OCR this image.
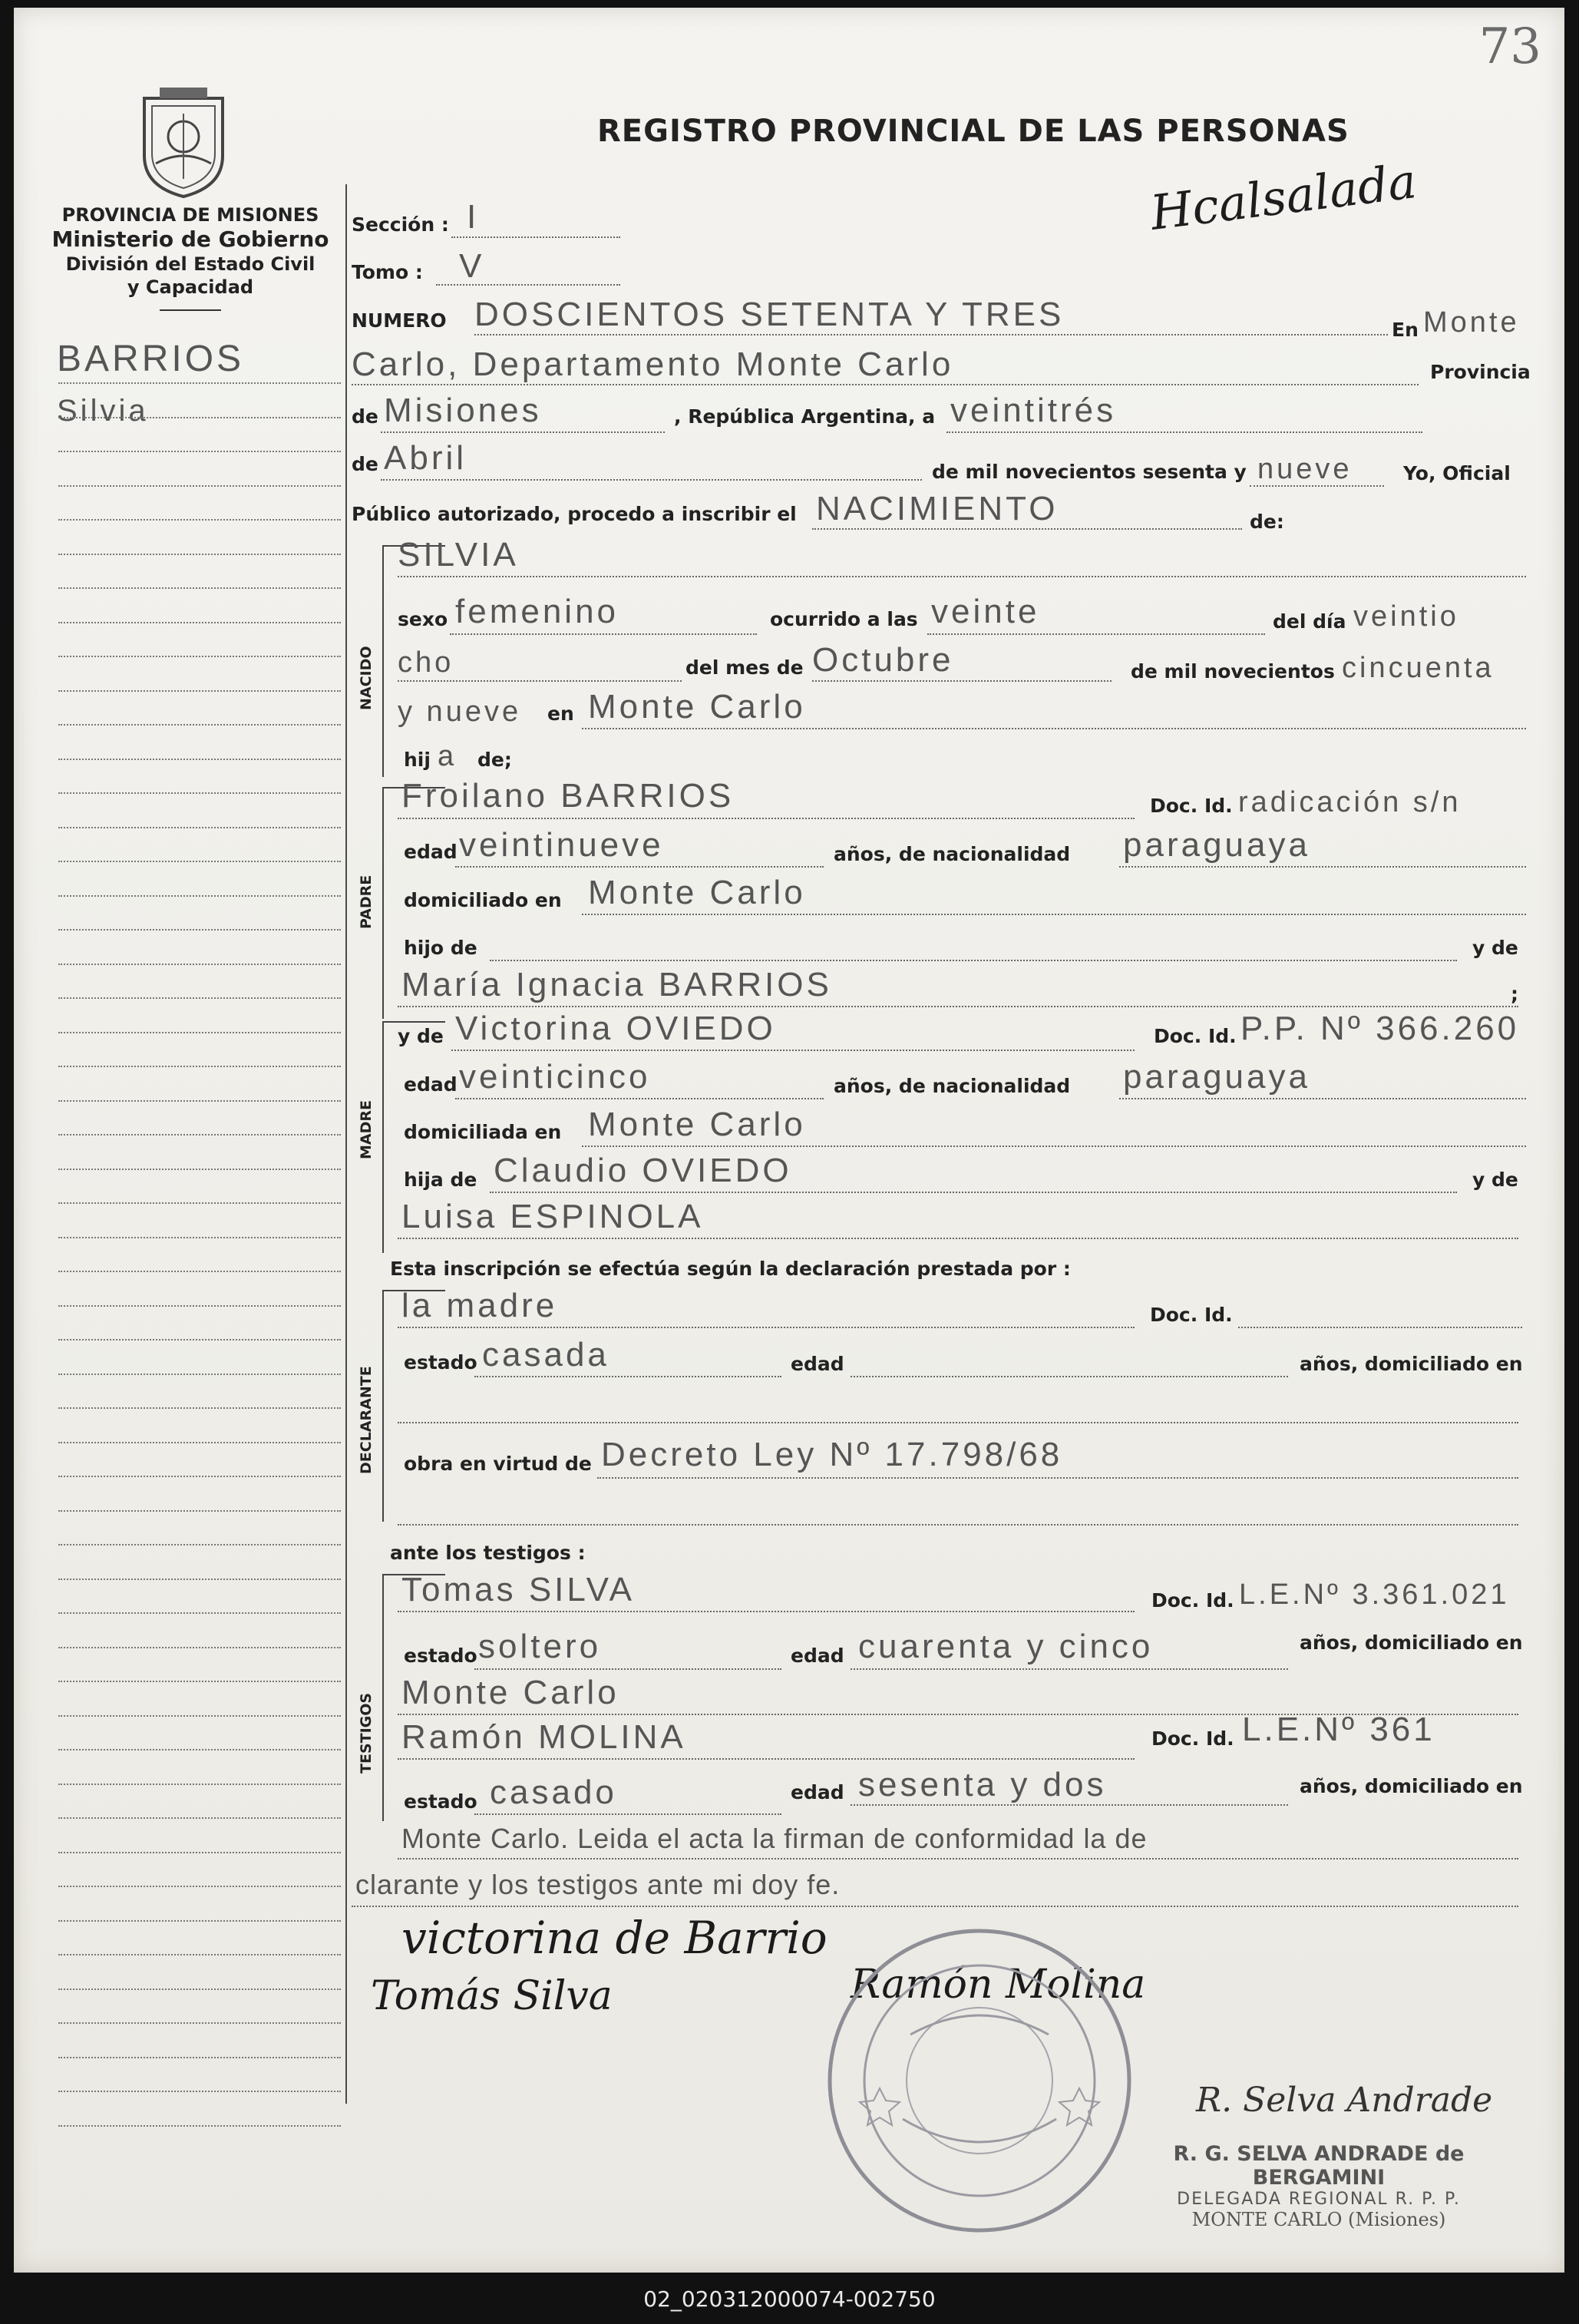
73
PROVINCIA DE MISIONES
Ministerio de Gobierno
División del Estado Civil
y Capacidad
BARRIOS
Silvia
REGISTRO PROVINCIAL DE LAS PERSONAS
Hcalsalada
Sección : I
Tomo : V
NUMERO DOSCIENTOS SETENTA Y TRES	En Monte
Carlo, Departamento Monte Carlo	Provincia
de Misiones	, República Argentina, a veintitrés
de Abril	de mil novecientos sesenta y nueve	Yo, Oficial
Público autorizado, procedo a inscribir el NACIMIENTO	de:
NACIDO
SILVIA
sexo femenino	ocurrido a las veinte	del día veintio
cho	del mes de Octubre	de mil novecientos cincuenta
y nueve en Monte Carlo
hij a de;
PADRE
Froilano BARRIOS	Doc. Id. radicación s/n
edad veintinueve	años, de nacionalidad paraguaya
domiciliado en Monte Carlo
hijo de	y de
María Ignacia BARRIOS	;
MADRE
y de Victorina OVIEDO	Doc. Id. P.P. Nº 366.260
edad veinticinco	años, de nacionalidad paraguaya
domiciliada en Monte Carlo
hija de Claudio OVIEDO	y de
Luisa ESPINOLA
Esta inscripción se efectúa según la declaración prestada por :
DECLARANTE
la madre	Doc. Id.
estado casada	edad	años, domiciliado en
obra en virtud de Decreto Ley Nº 17.798/68
ante los testigos :
TESTIGOS
Tomas SILVA	Doc. Id. L.E.Nº 3.361.021
estado soltero	edad cuarenta y cinco	años, domiciliado en
Monte Carlo
Ramón MOLINA	Doc. Id. L.E.Nº 361
estado casado	edad sesenta y dos	años, domiciliado en
Monte Carlo. Leida el acta la firman de conformidad la de
clarante y los testigos ante mi doy fe.
victorina de Barrio
Tomás Silva	Ramón Molina
R. Selva Andrade
R. G. SELVA ANDRADE de BERGAMINI
DELEGADA REGIONAL R. P. P.
MONTE CARLO (Misiones)
02_020312000074-002750
